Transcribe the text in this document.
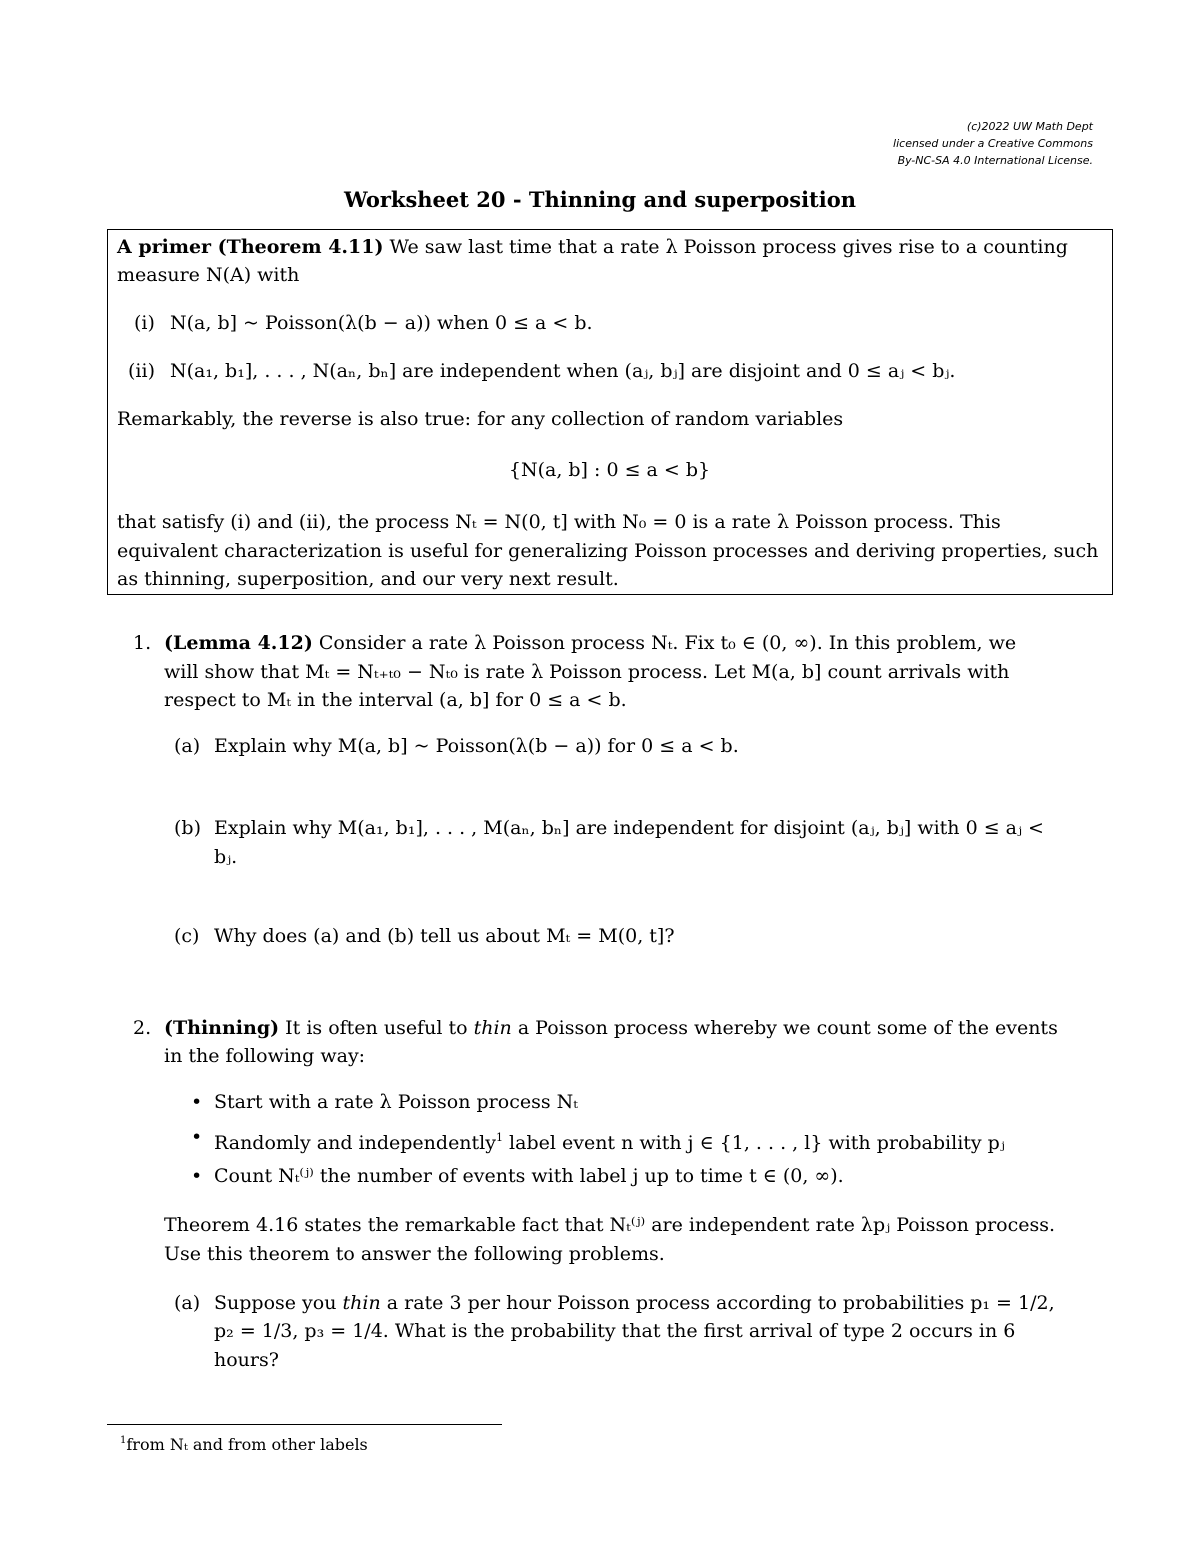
(c)2022 UW Math Dept
licensed under a Creative Commons
By-NC-SA 4.0 International License.
Worksheet 20 - Thinning and superposition
A primer (Theorem 4.11) We saw last time that a rate λ Poisson process gives rise to a counting
measure N(A) with
(i) N(a, b] ~ Poisson(λ(b − a)) when 0 ≤ a < b.
(ii) N(a₁, b₁], . . . , N(aₙ, bₙ] are independent when (aⱼ, bⱼ] are disjoint and 0 ≤ aⱼ < bⱼ.
Remarkably, the reverse is also true: for any collection of random variables
{N(a, b] : 0 ≤ a < b}
that satisfy (i) and (ii), the process Nₜ = N(0, t] with N₀ = 0 is a rate λ Poisson process. This
equivalent characterization is useful for generalizing Poisson processes and deriving properties, such
as thinning, superposition, and our very next result.
1. (Lemma 4.12) Consider a rate λ Poisson process Nₜ. Fix t₀ ∈ (0, ∞). In this problem, we
will show that Mₜ = Nₜ₊ₜ₀ − Nₜ₀ is rate λ Poisson process. Let M(a, b] count arrivals with
respect to Mₜ in the interval (a, b] for 0 ≤ a < b.
(a) Explain why M(a, b] ~ Poisson(λ(b − a)) for 0 ≤ a < b.
(b) Explain why M(a₁, b₁], . . . , M(aₙ, bₙ] are independent for disjoint (aⱼ, bⱼ] with 0 ≤ aⱼ <
bⱼ.
(c) Why does (a) and (b) tell us about Mₜ = M(0, t]?
2. (Thinning) It is often useful to thin a Poisson process whereby we count some of the events
in the following way:
• Start with a rate λ Poisson process Nₜ
• Randomly and independently$^1$ label event n with j ∈ {1, . . . , l} with probability pⱼ
• Count Nₜ⁽ʲ⁾ the number of events with label j up to time t ∈ (0, ∞).
Theorem 4.16 states the remarkable fact that Nₜ⁽ʲ⁾ are independent rate λpⱼ Poisson process.
Use this theorem to answer the following problems.
(a) Suppose you thin a rate 3 per hour Poisson process according to probabilities p₁ = 1/2,
p₂ = 1/3, p₃ = 1/4. What is the probability that the first arrival of type 2 occurs in 6
hours?
$^1$from Nₜ and from other labels
